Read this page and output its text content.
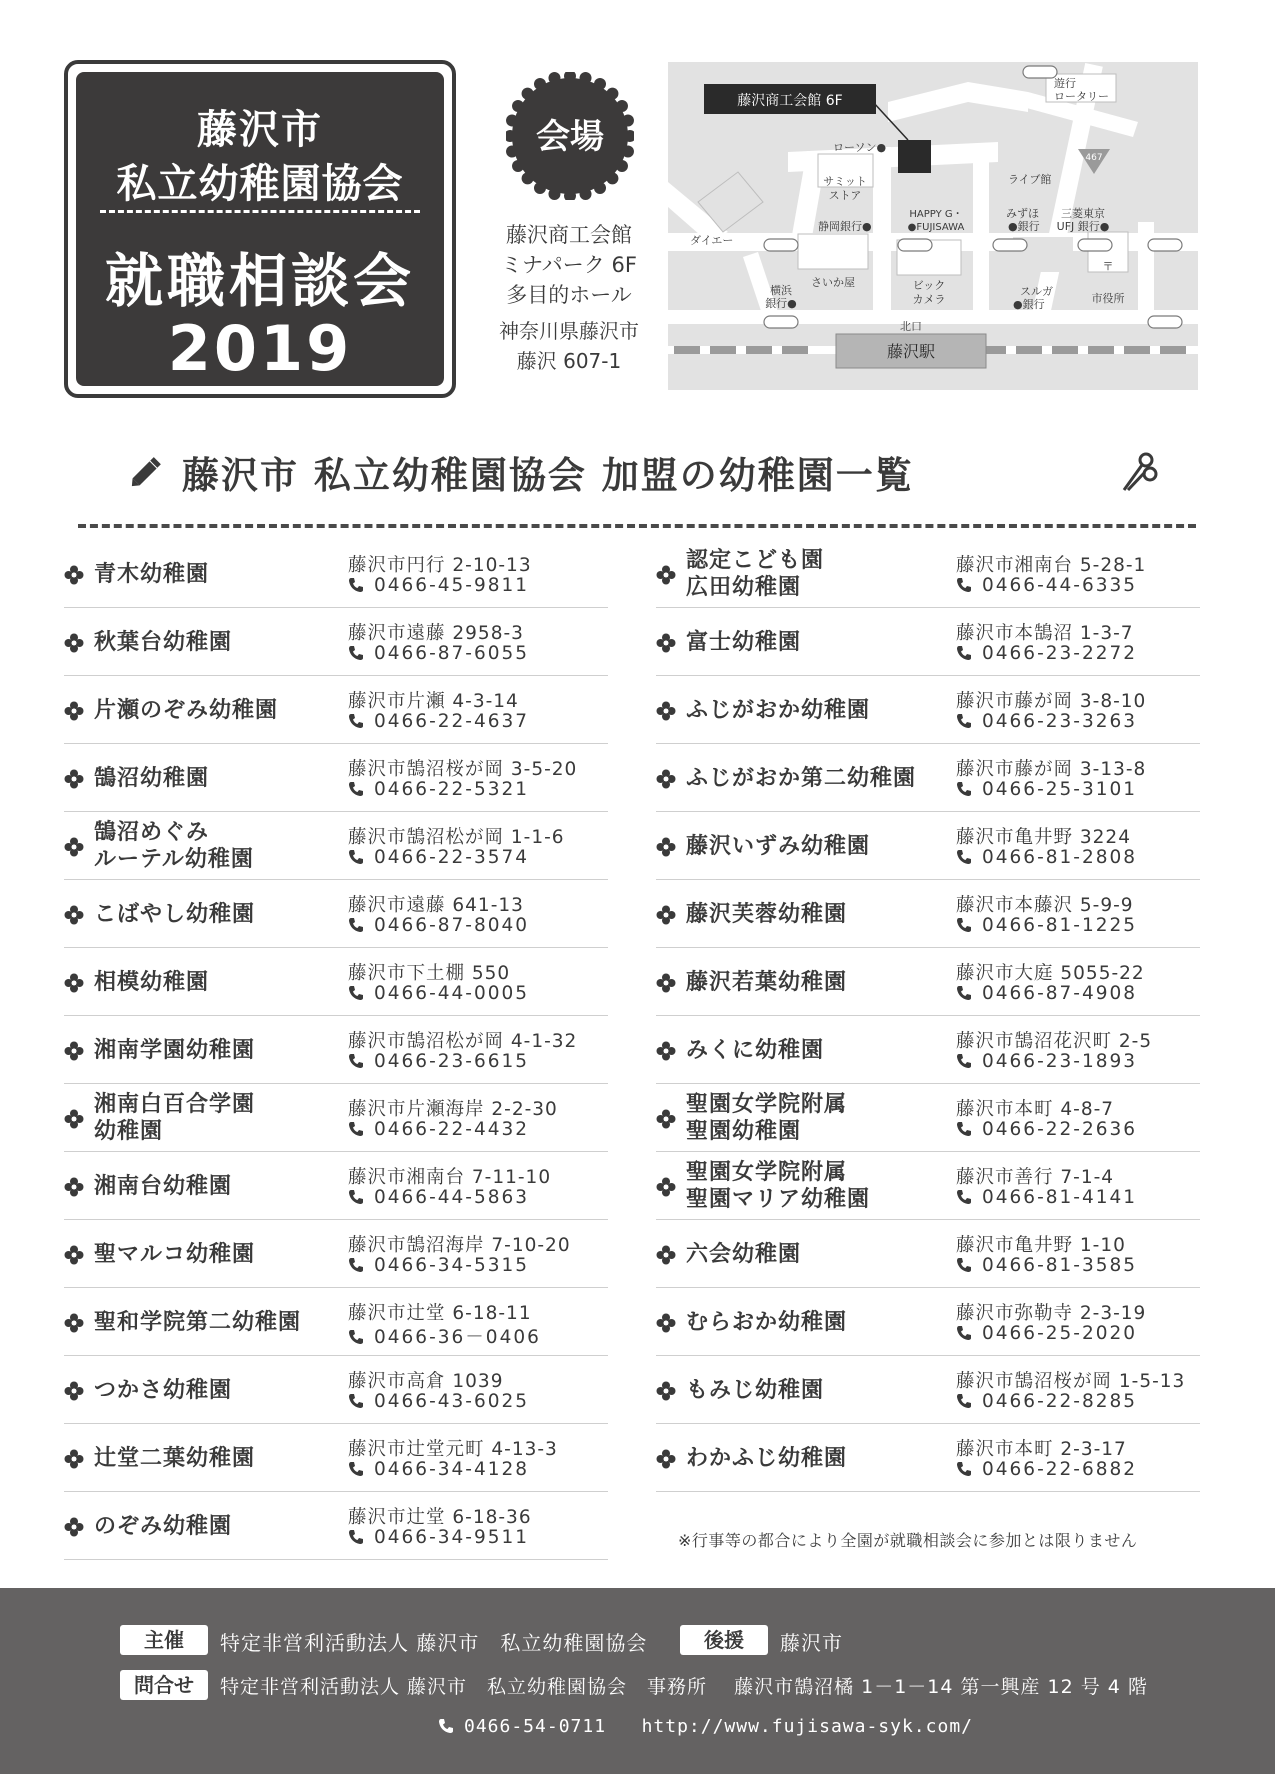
藤沢市
私立幼稚園協会
就職相談会
2019
会場
藤沢商工会館
ミナパーク 6F
多目的ホール
神奈川県藤沢市
藤沢 607-1
藤沢商工会館 6F
藤沢駅
467
ローソン●
サミット
ストア
静岡銀行●
HAPPY G・
●FUJISAWA
ライブ館
みずほ
●銀行
三菱東京
UFJ 銀行●
遊行
ロータリー
ダイエー
さいか屋	ビック
カメラ
スルガ
●銀行
横浜
銀行●
〒
市役所
北口
藤沢市 私立幼稚園協会 加盟の幼稚園一覧
青木幼稚園	藤沢市円行 2-10-13
0466-45-9811
秋葉台幼稚園	藤沢市遠藤 2958-3
0466-87-6055
片瀬のぞみ幼稚園	藤沢市片瀬 4-3-14
0466-22-4637
鵠沼幼稚園	藤沢市鵠沼桜が岡 3-5-20
0466-22-5321
鵠沼めぐみ
ルーテル幼稚園
藤沢市鵠沼松が岡 1-1-6
0466-22-3574
こばやし幼稚園	藤沢市遠藤 641-13
0466-87-8040
相模幼稚園	藤沢市下土棚 550
0466-44-0005
湘南学園幼稚園	藤沢市鵠沼松が岡 4-1-32
0466-23-6615
湘南白百合学園
幼稚園
藤沢市片瀬海岸 2-2-30
0466-22-4432
湘南台幼稚園	藤沢市湘南台 7-11-10
0466-44-5863
聖マルコ幼稚園	藤沢市鵠沼海岸 7-10-20
0466-34-5315
聖和学院第二幼稚園	藤沢市辻堂 6-18-11
0466-36－0406
つかさ幼稚園	藤沢市高倉 1039
0466-43-6025
辻堂二葉幼稚園	藤沢市辻堂元町 4-13-3
0466-34-4128
のぞみ幼稚園	藤沢市辻堂 6-18-36
0466-34-9511
認定こども園
広田幼稚園
藤沢市湘南台 5-28-1
0466-44-6335
富士幼稚園	藤沢市本鵠沼 1-3-7
0466-23-2272
ふじがおか幼稚園	藤沢市藤が岡 3-8-10
0466-23-3263
ふじがおか第二幼稚園 藤沢市藤が岡 3-13-8
0466-25-3101
藤沢いずみ幼稚園	藤沢市亀井野 3224
0466-81-2808
藤沢芙蓉幼稚園	藤沢市本藤沢 5-9-9
0466-81-1225
藤沢若葉幼稚園	藤沢市大庭 5055-22
0466-87-4908
みくに幼稚園	藤沢市鵠沼花沢町 2-5
0466-23-1893
聖園女学院附属
聖園幼稚園
藤沢市本町 4-8-7
0466-22-2636
聖園女学院附属
聖園マリア幼稚園
藤沢市善行 7-1-4
0466-81-4141
六会幼稚園	藤沢市亀井野 1-10
0466-81-3585
むらおか幼稚園	藤沢市弥勒寺 2-3-19
0466-25-2020
もみじ幼稚園	藤沢市鵠沼桜が岡 1-5-13
0466-22-8285
わかふじ幼稚園	藤沢市本町 2-3-17
0466-22-6882
※行事等の都合により全園が就職相談会に参加とは限りません
主催	特定非営利活動法人 藤沢市　私立幼稚園協会	後援	藤沢市
問合せ	特定非営利活動法人 藤沢市　私立幼稚園協会　事務所　 藤沢市鵠沼橘 1－1－14 第一興産 12 号 4 階
0466-54-0711 http://www.fujisawa-syk.com/
